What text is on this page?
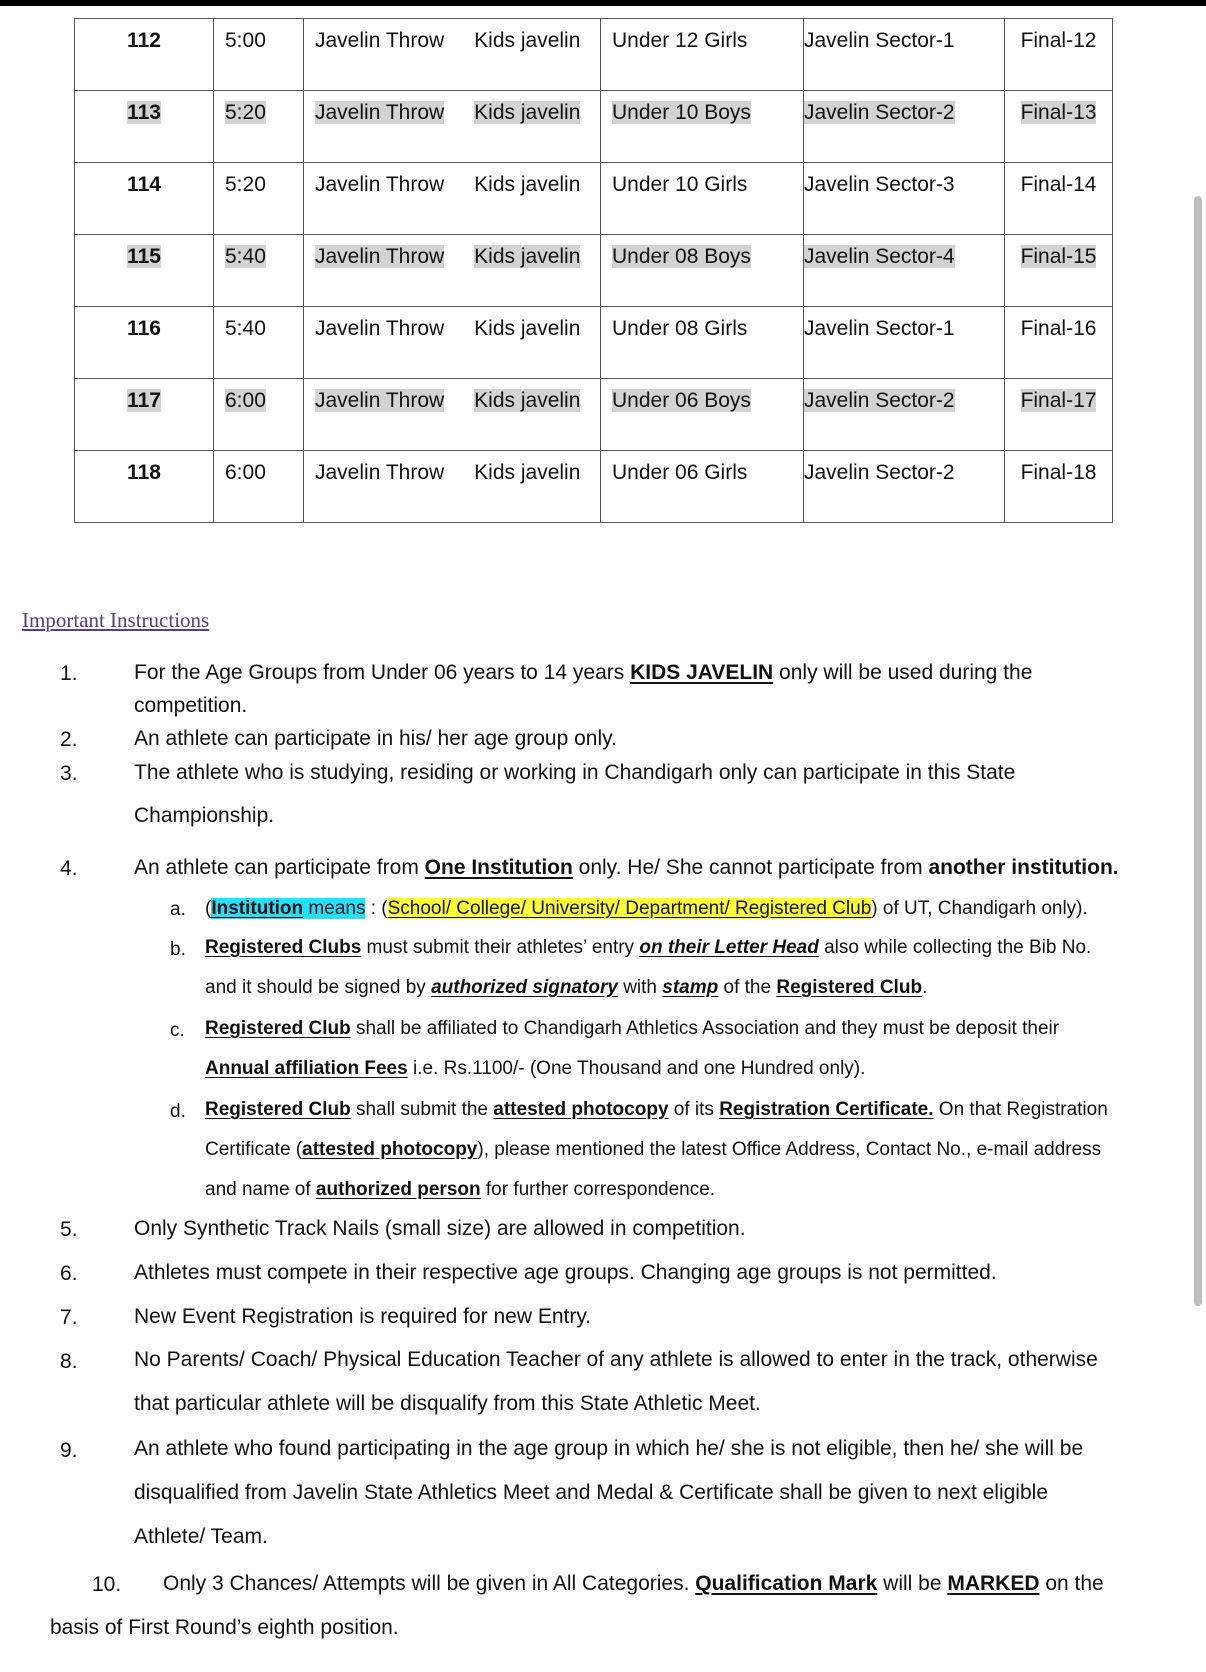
112	5:00	Javelin Throw Kids javelin	Under 12 Girls	Javelin Sector-1	Final-12
113	5:20	Javelin Throw Kids javelin	Under 10 Boys	Javelin Sector-2	Final-13
114	5:20	Javelin Throw Kids javelin	Under 10 Girls	Javelin Sector-3	Final-14
115	5:40	Javelin Throw Kids javelin	Under 08 Boys	Javelin Sector-4	Final-15
116	5:40	Javelin Throw Kids javelin	Under 08 Girls	Javelin Sector-1	Final-16
117	6:00	Javelin Throw Kids javelin	Under 06 Boys	Javelin Sector-2	Final-17
118	6:00	Javelin Throw Kids javelin	Under 06 Girls	Javelin Sector-2	Final-18
Important Instructions
1.	For the Age Groups from Under 06 years to 14 years KIDS JAVELIN only will be used during the
competition.
2.	An athlete can participate in his/ her age group only.
3.	The athlete who is studying, residing or working in Chandigarh only can participate in this State
Championship.
4.	An athlete can participate from One Institution only. He/ She cannot participate from another institution.
a. (Institution means : (School/ College/ University/ Department/ Registered Club) of UT, Chandigarh only).
b. Registered Clubs must submit their athletes’ entry on their Letter Head also while collecting the Bib No.
and it should be signed by authorized signatory with stamp of the Registered Club.
c. Registered Club shall be affiliated to Chandigarh Athletics Association and they must be deposit their
Annual affiliation Fees i.e. Rs.1100/- (One Thousand and one Hundred only).
d. Registered Club shall submit the attested photocopy of its Registration Certificate. On that Registration
Certificate (attested photocopy), please mentioned the latest Office Address, Contact No., e-mail address
and name of authorized person for further correspondence.
5.	Only Synthetic Track Nails (small size) are allowed in competition.
6.	Athletes must compete in their respective age groups. Changing age groups is not permitted.
7.	New Event Registration is required for new Entry.
8.	No Parents/ Coach/ Physical Education Teacher of any athlete is allowed to enter in the track, otherwise
that particular athlete will be disqualify from this State Athletic Meet.
9.	An athlete who found participating in the age group in which he/ she is not eligible, then he/ she will be
disqualified from Javelin State Athletics Meet and Medal & Certificate shall be given to next eligible
Athlete/ Team.
10. Only 3 Chances/ Attempts will be given in All Categories. Qualification Mark will be MARKED on the
basis of First Round’s eighth position.
